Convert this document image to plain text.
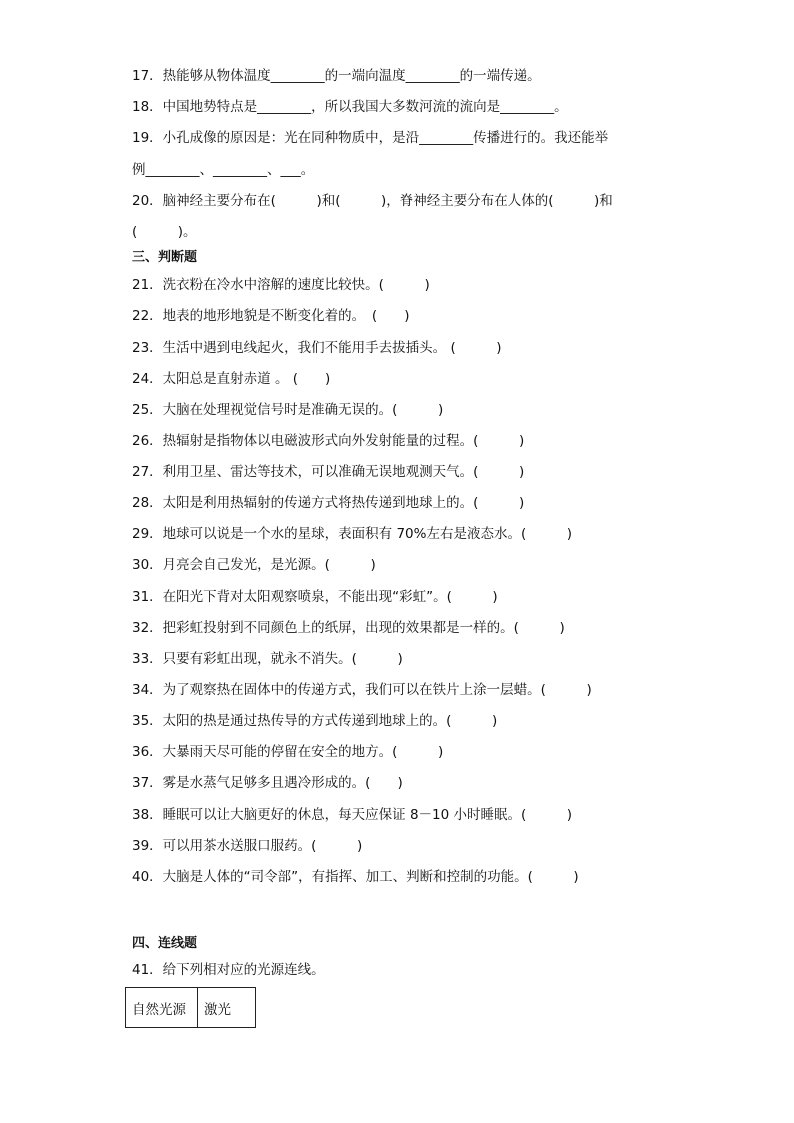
17．热能够从物体温度________的一端向温度________的一端传递。
18．中国地势特点是________，所以我国大多数河流的流向是________。
19．小孔成像的原因是：光在同种物质中，是沿________传播进行的。我还能举
例________、________、___。
20．脑神经主要分布在(　　　)和(　　　)，脊神经主要分布在人体的(　　　)和
(　　　)。
三、判断题
21．洗衣粉在冷水中溶解的速度比较快。(　　　)
22．地表的地形地貌是不断变化着的。　(　　)
23．生活中遇到电线起火，我们不能用手去拔插头。 (　　　)
24．太阳总是直射赤道 。 (　　)
25．大脑在处理视觉信号时是准确无误的。(　　　)
26．热辐射是指物体以电磁波形式向外发射能量的过程。(　　　)
27．利用卫星、雷达等技术，可以准确无误地观测天气。(　　　)
28．太阳是利用热辐射的传递方式将热传递到地球上的。(　　　)
29．地球可以说是一个水的星球，表面积有 70%左右是液态水。(　　　)
30．月亮会自己发光，是光源。(　　　)
31．在阳光下背对太阳观察喷泉，不能出现“彩虹”。(　　　)
32．把彩虹投射到不同颜色上的纸屏，出现的效果都是一样的。(　　　)
33．只要有彩虹出现，就永不消失。(　　　)
34．为了观察热在固体中的传递方式，我们可以在铁片上涂一层蜡。(　　　)
35．太阳的热是通过热传导的方式传递到地球上的。(　　　)
36．大暴雨天尽可能的停留在安全的地方。(　　　)
37．雾是水蒸气足够多且遇冷形成的。(　　)
38．睡眠可以让大脑更好的休息，每天应保证 8－10 小时睡眠。(　　　)
39．可以用茶水送服口服药。(　　　)
40．大脑是人体的“司令部”，有指挥、加工、判断和控制的功能。(　　　)
四、连线题
41．给下列相对应的光源连线。
自然光源	激光
